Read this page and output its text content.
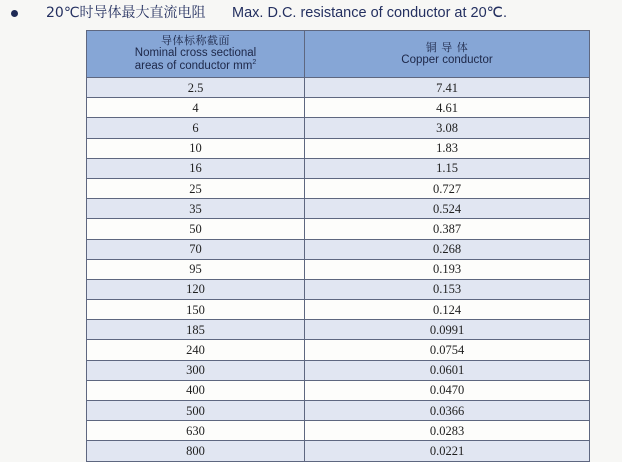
20℃时导体最大直流电阻 Max. D.C. resistance of conductor at 20℃.
导体标称截面
Nominal cross sectional
areas of conductor $mm^2$	铜 导 体
Copper conductor

2.5	7.41
4	4.61
6	3.08
10	1.83
16	1.15
25	0.727
35	0.524
50	0.387
70	0.268
95	0.193
120	0.153
150	0.124
185	0.0991
240	0.0754
300	0.0601
400	0.0470
500	0.0366
630	0.0283
800	0.0221
